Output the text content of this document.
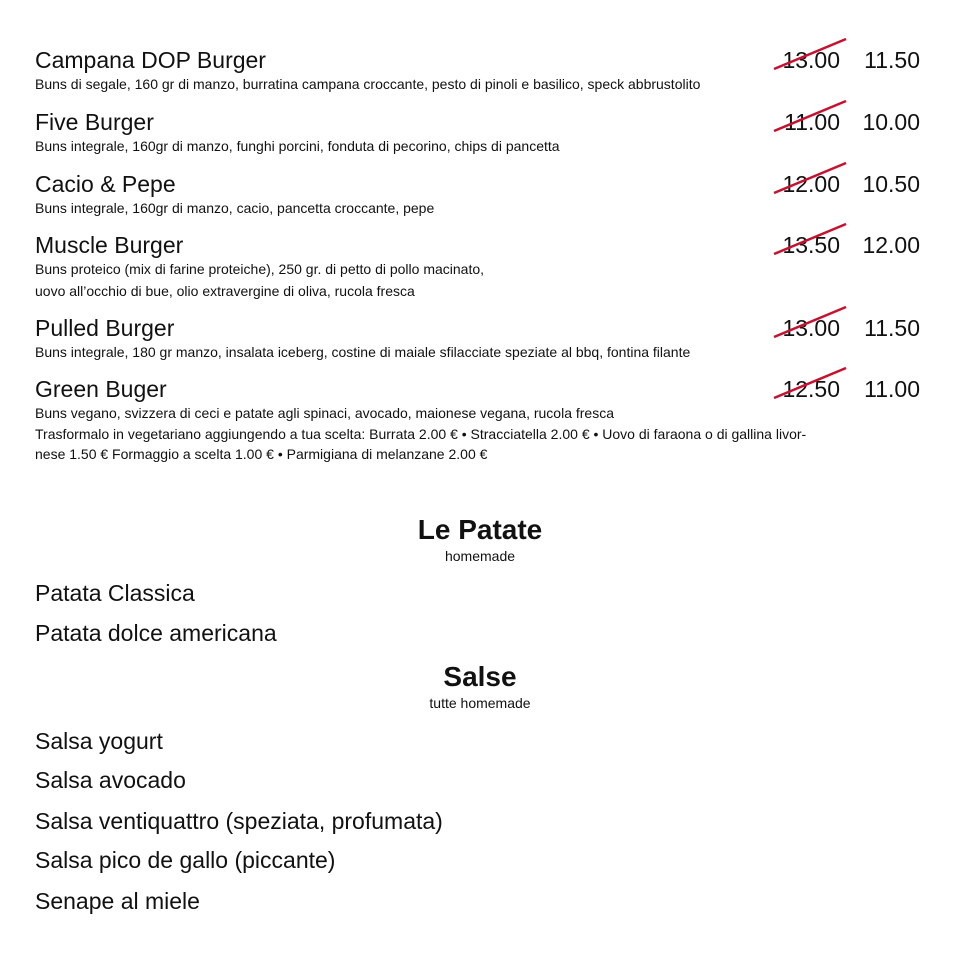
Campana DOP Burger	13.00 11.50
Buns di segale, 160 gr di manzo, burratina campana croccante, pesto di pinoli e basilico, speck abbrustolito
Five Burger	11.00 10.00
Buns integrale, 160gr di manzo, funghi porcini, fonduta di pecorino, chips di pancetta
Cacio & Pepe	12.00 10.50
Buns integrale, 160gr di manzo, cacio, pancetta croccante, pepe
Muscle Burger	13.50 12.00
Buns proteico (mix di farine proteiche), 250 gr. di petto di pollo macinato,
uovo all’occhio di bue, olio extravergine di oliva, rucola fresca
Pulled Burger	13.00 11.50
Buns integrale, 180 gr manzo, insalata iceberg, costine di maiale sfilacciate speziate al bbq, fontina filante
Green Buger	12.50 11.00
Buns vegano, svizzera di ceci e patate agli spinaci, avocado, maionese vegana, rucola fresca
Trasformalo in vegetariano aggiungendo a tua scelta: Burrata 2.00 € • Stracciatella 2.00 € • Uovo di faraona o di gallina livor-
nese 1.50 € Formaggio a scelta 1.00 € • Parmigiana di melanzane 2.00 €
Le Patate
homemade
Patata Classica
Patata dolce americana
Salse
tutte homemade
Salsa yogurt
Salsa avocado
Salsa ventiquattro (speziata, profumata)
Salsa pico de gallo (piccante)
Senape al miele
